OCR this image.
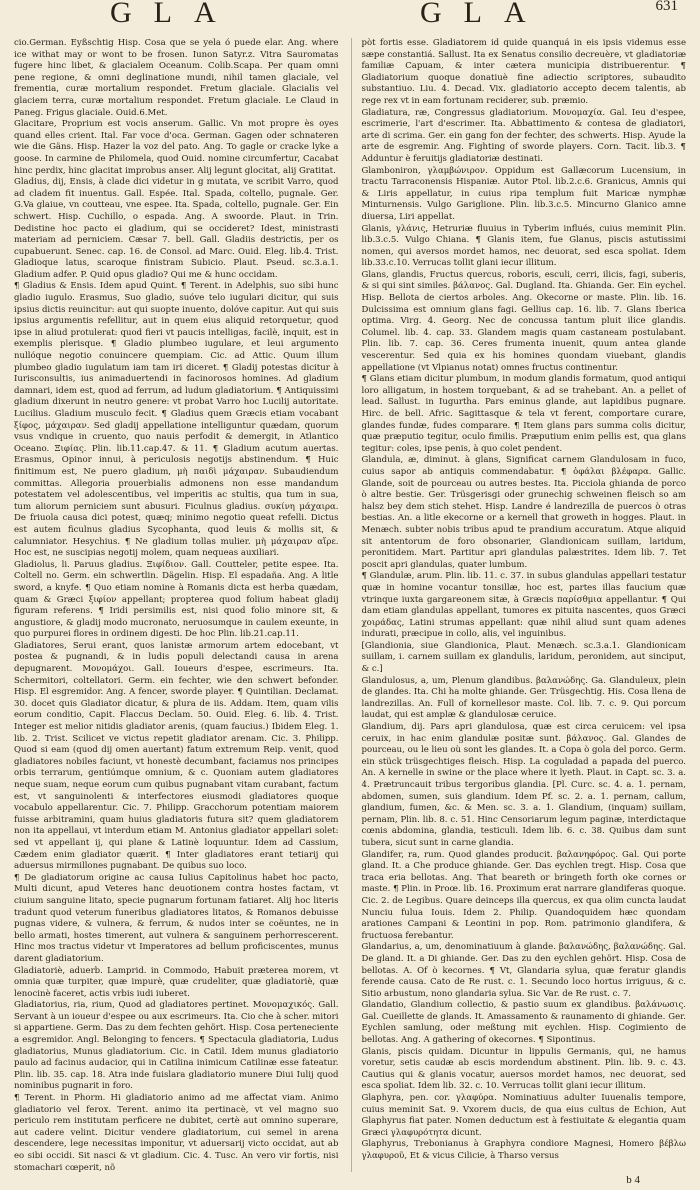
GLA	GLA	631

cio.German. Eyßschtig Hisp. Cosa que se yela ó puede elar. Ang. where ice withat may or wont to be frosen. Iunon Satyr.z. Vitra Sauromatas fugere hinc libet, & glacialem Oceanum. Colib.Scapa. Per quam omni pene regione, & omni deglinatione mundi, nihil tamen glaciale, vel frementia, curæ mortalium respondet. Fretum glaciale. Glacialis vel glaciem terra, curæ mortalium respondet. Fretum glaciale. Le Claud in Paneg. Frigus glaciale. Ouid.6.Met.
Glacitare, Proprium est vocis anserum. Gallic. Vn mot propre ès oyes quand elles crient. Ital. Far voce d'oca. German. Gagen oder schnateren wie die Gäns. Hisp. Hazer la voz del pato. Ang. To gagle or cracke lyke a goose. In carmine de Philomela, quod Ouid. nomine circumfertur, Cacabat hinc perdix, hinc glacitat improbus anser. Alij legunt glocitat, alij Gratitat.
Gladius, dij, Ensis, à clade dici videtur in g mutata, ve scribit Varro, quod ad cladem fit inuentus. Gall. Espée. Ital. Spada, coltello, pugnale. Ger. G.Va glaiue, vn coutteau, vne espee. Ita. Spada, coltello, pugnale. Ger. Ein schwert. Hisp. Cuchillo, o espada. Ang. A swoorde. Plaut. in Trin. Dedistine hoc pacto ei gladium, qui se occideret? Idest, ministrasti materiam ad perniciem. Cæsar 7. bell. Gall. Gladiis destrictis, per os cupabuerunt. Senec. cap. 16. de Consol. ad Marc. Ouid. Eleg. lib.4. Trist. Gladioque latus, scaroque finistram Subicio. Plaut. Pseud. sc.3.a.1. Gladium adfer. P. Quid opus gladio? Qui me & hunc occidam.
¶ Gladius & Ensis. Idem apud Quint. ¶ Terent. in Adelphis, suo sibi hunc gladio iugulo. Erasmus, Suo gladio, suóve telo iugulari dicitur, qui suis ipsius dictis reuincitur: aut qui suopte inuento, dolóve capitur. Aut qui suis ipsius argumentis refellitur, aut in quem eius aliquid retorquetur, quod ipse in aliud protulerat: quod fieri vt paucis intelligas, facilè, inquit, est in exemplis plerisque. ¶ Gladio plumbeo iugulare, et leui argumento nullóque negotio conuincere quempiam. Cic. ad Attic. Quum illum plumbeo gladio iugulatum iam tam iri diceret. ¶ Gladij potestas dicitur à Iurisconsultis, ius animaduertendi in facinorosos homines. Ad gladium damnari, idem est, quod ad ferrum, ad ludum gladiatorium. ¶ Antiquissimi gladium dixerunt in neutro genere: vt probat Varro hoc Lucilij autoritate. Lucilius. Gladium musculo fecit. ¶ Gladius quem Græcis etiam vocabant ξίφος, μάχαιραν. Sed gladij appellatione intelliguntur quædam, quorum vsus vndique in cruento, quo nauis perfodit & demergit, in Atlantico Oceano. Ξιφίας. Plin. lib.11.cap.47. & 11. ¶ Gladium acutum auertas. Erasmus, Opinor innui, à periculosis negotijs abstinendum. ¶ Huic finitimum est, Ne puero gladium, μὴ παιδὶ μάχαιραν. Subaudiendum committas. Allegoria prouerbialis admonens non esse mandandum potestatem vel adolescentibus, vel imperitis ac stultis, qua tum in sua, tum aliorum perniciem sunt abusuri. Ficulnus gladius. συκίνη μάχαιρα. De friuola causa dici potest, quæq; minimo negotio queat refelli. Dictus est autem ficulnus gladius Sycophanta, quod leuis & mollis sit, & calumniator. Hesychius. ¶ Ne gladium tollas mulier. μὴ μάχαιραν αἴρε. Hoc est, ne suscipias negotij molem, quam nequeas auxiliari.
Gladiolus, li. Paruus gladius. Ξιφίδιον. Gall. Coutteler, petite espee. Ita. Coltell no. Germ. ein schwertlin. Dägelin. Hisp. El espadaña. Ang. A litle sword, a knyfe. ¶ Quo etiam nomine à Romanis dicta est herba quædam, quam & Græci ξιφίον appellant; propterea quod folium habeat gladij figuram referens. ¶ Iridi persimilis est, nisi quod folio minore sit, & angustiore, & gladij modo mucronato, neruosumque in caulem exeunte, in quo purpurei flores in ordinem digesti. De hoc Plin. lib.21.cap.11.
Gladiatores, Serui erant, quos lanistæ armorum artem edocebant, vt postea & pugnandi, & in ludis populi delectandi causa in arena depugnarent. Μονομάχοι. Gall. Ioueurs d'espee, escrimeurs. Ita. Schermitori, coltellatori. Germ. ein fechter, wie den schwert befonder. Hisp. El esgremidor. Ang. A fencer, sworde player. ¶ Quintilian. Declamat. 30. docet quis Gladiator dicatur, & plura de iis. Addam. Item, quam vilis eorum conditio, Capit. Flaccus Declam. 50. Ouid. Eleg. 6. lib. 4. Trist. Integer est melior nitidis gladiator arenis, (quam faucius.) Ibidem Eleg. 1. lib. 2. Trist. Scilicet ve victus repetit gladiator arenam. Cic. 3. Philipp. Quod si eam (quod dij omen auertant) fatum extremum Reip. venit, quod gladiatores nobiles faciunt, vt honestè decumbant, faciamus nos principes orbis terrarum, gentiúmque omnium, & c. Quoniam autem gladiatores neque suam, neque eorum cum quibus pugnabant vitam curabant, factum est, vt sanguinolenti & interfectores eiusmodi gladiatores quoque vocabulo appellarentur. Cic. 7. Philipp. Gracchorum potentiam maiorem fuisse arbitramini, quam huius gladiatoris futura sit? quem gladiatorem non ita appellaui, vt interdum etiam M. Antonius gladiator appellari solet: sed vt appellant ij, qui plane & Latinè loquuntur. Idem ad Cassium, Cædem enim gladiator quærit. ¶ Inter gladiatores erant tetiarij qui aduersus mirmillones pugnabant. De quibus suo loco.
¶ De gladiatorum origine ac causa Iulius Capitolinus habet hoc pacto, Multi dicunt, apud Veteres hanc deuotionem contra hostes factam, vt ciuium sanguine litato, specie pugnarum fortunam fatiaret. Alij hoc literis tradunt quod veterum funeribus gladiatores litatos, & Romanos debuisse pugnas videre, & vulnera, & ferrum, & nudos inter se coëuntes, ne in bello armati, hostes timerent, aut vulnera & sanguinem perhorrescerent. Hinc mos tractus videtur vt Imperatores ad bellum proficiscentes, munus darent gladiatorium.
Gladiatoriè, aduerb. Lamprid. in Commodo, Habuit præterea morem, vt omnia quæ turpiter, quæ impurè, quæ crudeliter, quæ gladiatoriè, quæ lenocinè faceret, actis vrbis iudi iuberet.
Gladiatorius, ria, rium, Quod ad gladiatores pertinet. Μονομαχικός. Gall. Servant à un ioueur d'espee ou aux escrimeurs. Ita. Cio che à scher. mitori si appartiene. Germ. Das zu dem fechten gehört. Hisp. Cosa perteneciente a esgremidor. Angl. Belonging to fencers. ¶ Spectacula gladiatoria, Ludus gladiatorius, Munus gladiatorium. Cic. in Catil. Idem munus gladiatorio paulo ad facinus audacior, qui in Catilina inimicum Catilinæ esse fateatur. Plin. lib. 35. cap. 18. Atra inde fuislara gladiatorio munere Diui Iulij quod nominibus pugnarit in foro.
¶ Terent. in Phorm. Hi gladiatorio animo ad me affectat viam. Animo gladiatorio vel ferox. Terent. animo ita pertinacè, vt vel magno suo periculo rem institutam perficere ne dubitet, certè aut omnino superare, aut cadere velint. Dicitur vendere gladiatorium, cui semel in arena descendere, lege necessitas imponitur, vt aduersarij victo occidat, aut ab eo sibi occidi. Sit nasci & vt gladium. Cic. 4. Tusc. An vero vir fortis, nisi stomachari cœperit, nõ

pòt fortis esse. Gladiatorem id quide quanquá in eis ipsis videmus esse sæpe constantiá. Sallust. Ita ex Senatus consilio decreuère, vt gladiatoriæ familiæ Capuam, & inter cætera municipia distribuerentur. ¶ Gladiatorium quoque donatiuè fine adiectio scriptores, subaudito substantiuo. Liu. 4. Decad. Vix. gladiatorio accepto decem talentis, ab rege rex vt in eam fortunam reciderer, sub. præmio.
Gladiatura, ræ, Congressus gladiatorium. Μονομαχία. Gal. Ieu d'espee, escrimerie, l'art d'escrimer. Ita. Abbattimento & contesa de gladiatori, arte di scrima. Ger. ein gang fon der fechter, des schwerts. Hisp. Ayude la arte de esgremir. Ang. Fighting of sworde players. Corn. Tacit. lib.3. ¶ Adduntur è feruitijs gladiatoriæ destinati.
Glamboniron, γλαμβώνιρον. Oppidum est Gallæcorum Lucensium, in tractu Tarraconensis Hispaniæ. Autor Ptol. lib.2.c.6. Granicus, Amnis qui & Liris appellatur, in cuius ripa templum fuit Maricæ nymphæ Minturnensis. Vulgo Gariglione. Plin. lib.3.c.5. Mincurno Glanico amne diuersa, Liri appellat.
Glanis, γλάνις, Hetruriæ fluuius in Tyberim influés, cuius meminit Plin. lib.3.c.5. Vulgo Chiana. ¶ Glanis item, fue Glanus, piscis astutissimi nomen, qui aversos mordet hamos, nec deuorat, sed esca spoliat. Idem lib.33.c.10. Verrucas tollit glani iecur illitum.
Glans, glandis, Fructus quercus, roboris, esculi, cerri, ilicis, fagi, suberis, & si qui sint similes. βάλανος. Gal. Dugland. Ita. Ghianda. Ger. Ein eychel. Hisp. Bellota de ciertos arboles. Ang. Okecorne or maste. Plin. lib. 16. Dulcissima est omnium glans fagi. Gellius cap. 16. lib. 7. Glans Iberica optima. Virg. 4. Georg. Nec de concussa tantum pluit ilice glandis. Columel. lib. 4. cap. 33. Glandem magis quam castaneam postulabant. Plin. lib. 7. cap. 36. Ceres frumenta inuenit, quum antea glande vescerentur. Sed quia ex his homines quondam viuebant, glandis appellatione (vt Vlpianus notat) omnes fructus continentur.
¶ Glans etiam dicitur plumbum, in modum glandis formatum, quod antiqui loro alligatum, in hostem torquebant, & ad se trahebant. An. a pellet of lead. Sallust. in Iugurtha. Pars eminus glande, aut lapidibus pugnare. Hirc. de bell. Afric. Sagittasque & tela vt ferent, comportare curare, glandes fundæ, fudes comparare. ¶ Item glans pars summa colis dicitur, quæ præputio tegitur, oculo fimilis. Præputium enim pellis est, qua glans tegitur: coles, ipse penis, à quo colet pendent.
Glandula, æ, diminut. à glans, Significat carnem Glandulosam in fuco, cuius sapor ab antiquis commendabatur. ¶ ὀφάλαι βλέφαρα. Gallic. Glande, soit de pourceau ou autres bestes. Ita. Picciola ghianda de porco ò altre bestie. Ger. Trüsgerisgi oder grunechig schweinen fleisch so am halsz bey dem stich stehet. Hisp. Landre é landrezilla de puercos ò otras bestias. An. a litle ekecorne or a kernell that groweth in hogges. Plaut. in Menæch. subter nobis tribus apud te prandium accuratum. Atque aliquid sit antentorum de foro obsonarier, Glandionicam suillam, laridum, peronitidem. Mart. Partitur apri glandulas palæstrites. Idem lib. 7. Tet poscit apri glandulas, quater lumbum.
¶ Glandulæ, arum. Plin. lib. 11. c. 37. in subus glandulas appellari testatur quæ in homine vocantur tonsillæ, hoc est, partes illas faucium quæ vtrinque iuxta gargareonem sitæ, à Græcis παρίσθμια appellantur. ¶ Qui dam etiam glandulas appellant, tumores ex pituita nascentes, quos Græci χοιράδας, Latini strumas appellant: quæ nihil aliud sunt quam adenes indurati, præcipue in collo, alis, vel inguinibus.
[Glandionia, siue Glandionica, Plaut. Menæch. sc.3.a.1. Glandionicam suillam, i. carnem suillam ex glandulis, laridum, peronidem, aut sinciput, & c.]
Glandulosus, a, um, Plenum glandibus. βαλανώδης. Ga. Glanduleux, plein de glandes. Ita. Chi ha molte ghiande. Ger. Trüsgechtig. His. Cosa llena de landrezillas. An. Full of kornellesor maste. Col. lib. 7. c. 9. Qui porcum laudat, qui est amplæ & glandulosæ ceruice.
Glandium, dij. Pars apri glandulosa, quæ est circa ceruicem: vel ipsa ceruix, in hac enim glandulæ positæ sunt. βάλανος. Gal. Glandes de pourceau, ou le lieu où sont les glandes. It. a Copa ò gola del porco. Germ. ein stück trüsgechtiges fleisch. Hisp. La coguladad a papada del puerco. An. A kernelle in swine or the place where it lyeth. Plaut. in Capt. sc. 3. a. 4. Prætruncauit tribus tergoribus glandia. [Pl. Curc. sc. 4. a. 1. pernam, abdomen, sumen, suis glandium. Idem Pf. sc. 2. a. 1. pernam, callum, glandium, fumen, &c. & Men. sc. 3. a. 1. Glandium, (inquam) suillam, pernam, Plin. lib. 8. c. 51. Hinc Censoriarum legum paginæ, interdictaque cœnis abdomina, glandia, testiculi. Idem lib. 6. c. 38. Quibus dam sunt tubera, sicut sunt in carne glandia.
Glandifer, ra, rum. Quod glandes producit. βαλανηφόρος. Gal. Qui porte gland. It. a Che produce ghiande. Ger. Das eychlen tregt. Hisp. Cosa que traca eria bellotas. Ang. That beareth or bringeth forth oke cornes or maste. ¶ Plin. in Proœ. lib. 16. Proximum erat narrare glandiferas quoque. Cic. 2. de Legibus. Quare deinceps illa quercus, ex qua olim cuncta laudat Nunciu fulua Iouis. Idem 2. Philip. Quandoquidem hæc quondam arationes Campani & Leontini in pop. Rom. patrimonio glandifera, & fructuosa ferebantur.
Glandarius, a, um, denominatiuum à glande. βαλανώδης, βαλανώδης. Gal. De gland. It. a Di ghiande. Ger. Das zu den eychlen gehört. Hisp. Cosa de bellotas. A. Of ò kecornes. ¶ Vt, Glandaria sylua, quæ feratur glandis ferende causa. Cato de Re rust. c. 1. Secundo loco hortus irriguus, & c. Sitio arbustum, nono glandaria sylua. Sic Var. de Re rust. c. 7.
Glandatio, Glandium collectio, & pastio suum ex glandibus. βαλάνωσις. Gal. Cueillette de glands. It. Amassamento & raunamento di ghiande. Ger. Eychlen samlung, oder meßtung mit eychlen. Hisp. Cogimiento de bellotas. Ang. A gathering of okecornes. ¶ Sipontinus.
Glanis, piscis quidam. Dicuntur in lippulis Germanis, qui, ne hamus voretur, setis caudæ ab escis mordendum abstinent. Plin. lib. 9. c. 43. Cautius qui & glanis vocatur, auersos mordet hamos, nec deuorat, sed esca spoliat. Idem lib. 32. c. 10. Verrucas tollit glani iecur illitum.
Glaphyra, pen. cor. γλαφύρα. Nominatiuus adulter Iuuenalis tempore, cuius meminit Sat. 9. Vxorem ducis, de qua eius cultus de Echion, Aut Glaphyrus fiat pater. Nomen deductum est à festiuitate & elegantia quam Græci γλαφυρότητα dicunt.
Glaphyrus, Trebonianus à Graphyra condiore Magnesi, Homero βέβλω γλαφυροῦ, Et & vicus Cilicie, à Tharso versus

b 4
